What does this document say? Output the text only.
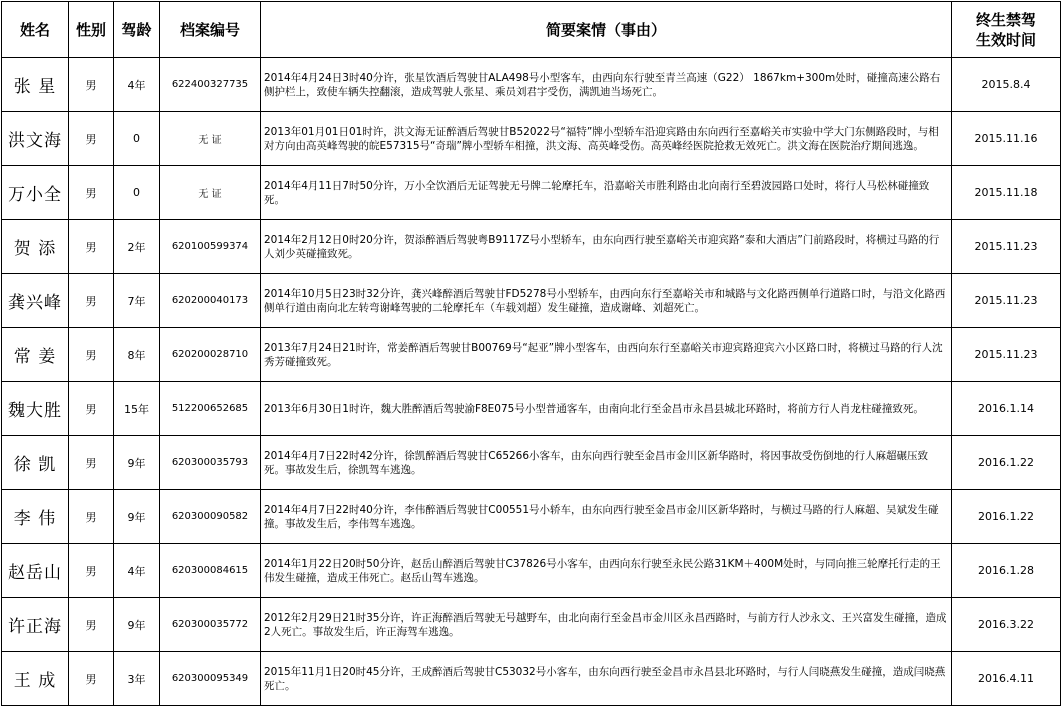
姓名	性别	驾龄	档案编号	简要案情（事由）	终生禁驾
生效时间
张 星	男	4年	622400327735	2014年4月24日3时40分许，张星饮酒后驾驶甘ALA498号小型客车，由西向东行驶至青兰高速（G22） 1867km+300m处时，碰撞高速公路右侧护栏上，致使车辆失控翻滚，造成驾驶人张星、乘员刘君宇受伤，满凯迪当场死亡。	2015.8.4
洪文海	男	0	无 证	2013年01月01日01时许，洪文海无证醉酒后驾驶甘B52022号“福特”牌小型轿车沿迎宾路由东向西行至嘉峪关市实验中学大门东侧路段时，与相对方向由高英峰驾驶的皖E57315号“奇瑞”牌小型轿车相撞，洪文海、高英峰受伤。高英峰经医院抢救无效死亡。洪文海在医院治疗期间逃逸。	2015.11.16
万小全	男	0	无 证	2014年4月11日7时50分许，万小全饮酒后无证驾驶无号牌二轮摩托车，沿嘉峪关市胜利路由北向南行至碧波园路口处时，将行人马松林碰撞致死。	2015.11.18
贺 添	男	2年	620100599374	2014年2月12日0时20分许，贺添醉酒后驾驶粤B9117Z号小型轿车，由东向西行驶至嘉峪关市迎宾路“泰和大酒店”门前路段时，将横过马路的行人刘少英碰撞致死。	2015.11.23
龚兴峰	男	7年	620200040173	2014年10月5日23时32分许，龚兴峰醉酒后驾驶甘FD5278号小型轿车，由西向东行至嘉峪关市和城路与文化路西侧单行道路口时，与沿文化路西侧单行道由南向北左转弯谢峰驾驶的二轮摩托车（车载刘超）发生碰撞，造成谢峰、刘超死亡。	2015.11.23
常 姜	男	8年	620200028710	2013年7月24日21时许，常姜醉酒后驾驶甘B00769号“起亚”牌小型客车，由西向东行至嘉峪关市迎宾路迎宾六小区路口时，将横过马路的行人沈秀芳碰撞致死。	2015.11.23
魏大胜	男	15年	512200652685	2013年6月30日1时许，魏大胜醉酒后驾驶渝F8E075号小型普通客车，由南向北行至金昌市永昌县城北环路时，将前方行人肖龙柱碰撞致死。	2016.1.14
徐 凯	男	9年	620300035793	2014年4月7日22时42分许，徐凯醉酒后驾驶甘C65266小客车，由东向西行驶至金昌市金川区新华路时，将因事故受伤倒地的行人麻超碾压致死。事故发生后，徐凯驾车逃逸。	2016.1.22
李 伟	男	9年	620300090582	2014年4月7日22时40分许，李伟醉酒后驾驶甘C00551号小轿车，由东向西行驶至金昌市金川区新华路时，与横过马路的行人麻超、吴斌发生碰撞。事故发生后，李伟驾车逃逸。	2016.1.22
赵岳山	男	4年	620300084615	2014年1月22日20时50分许，赵岳山醉酒后驾驶甘C37826号小客车，由西向东行驶至永民公路31KM＋400M处时，与同向推三轮摩托行走的王伟发生碰撞，造成王伟死亡。赵岳山驾车逃逸。	2016.1.28
许正海	男	9年	620300035772	2012年2月29日21时35分许，许正海醉酒后驾驶无号越野车，由北向南行至金昌市金川区永昌西路时，与前方行人沙永文、王兴富发生碰撞，造成2人死亡。事故发生后，许正海驾车逃逸。	2016.3.22
王 成	男	3年	620300095349	2015年11月1日20时45分许，王成醉酒后驾驶甘C53032号小客车，由东向西行驶至金昌市永昌县北环路时，与行人闫晓燕发生碰撞，造成闫晓燕死亡。	2016.4.11
